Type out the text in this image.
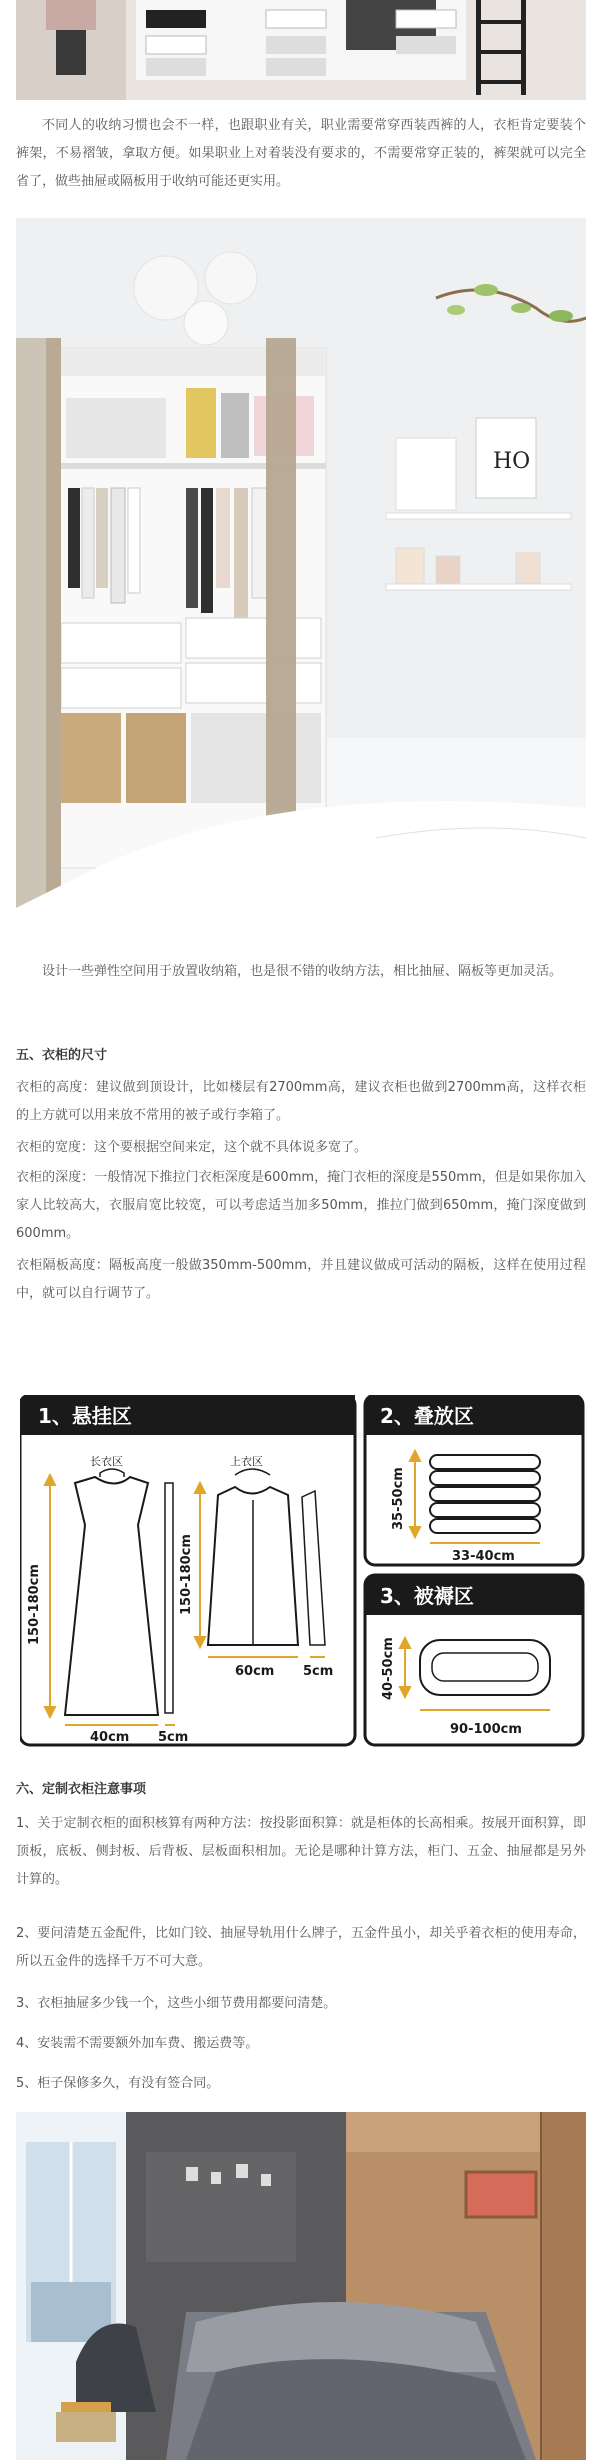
不同人的收纳习惯也会不一样，也跟职业有关，职业需要常穿西装西裤的人，衣柜肯定要装个裤架，不易褶皱，拿取方便。如果职业上对着装没有要求的，不需要常穿正装的，裤架就可以完全省了，做些抽屉或隔板用于收纳可能还更实用。

HO

设计一些弹性空间用于放置收纳箱，也是很不错的收纳方法，相比抽屉、隔板等更加灵活。

五、衣柜的尺寸

衣柜的高度：建议做到顶设计，比如楼层有2700mm高，建议衣柜也做到2700mm高，这样衣柜的上方就可以用来放不常用的被子或行李箱了。

衣柜的宽度：这个要根据空间来定，这个就不具体说多宽了。

衣柜的深度：一般情况下推拉门衣柜深度是600mm，掩门衣柜的深度是550mm，但是如果你加入家人比较高大，衣服肩宽比较宽，可以考虑适当加多50mm，推拉门做到650mm，掩门深度做到600mm。

衣柜隔板高度：隔板高度一般做350mm-500mm，并且建议做成可活动的隔板，这样在使用过程中，就可以自行调节了。

1、悬挂区
长衣区	上衣区
150-180cm	150-180cm
40cm 5cm
60cm 5cm
2、叠放区
35-50cm
33-40cm
3、被褥区
40-50cm
90-100cm
六、定制衣柜注意事项

1、关于定制衣柜的面积核算有两种方法：按投影面积算：就是柜体的长高相乘。按展开面积算，即顶板，底板、侧封板、后背板、层板面积相加。无论是哪种计算方法，柜门、五金、抽屉都是另外计算的。

2、要问清楚五金配件，比如门铰、抽屉导轨用什么牌子，五金件虽小，却关乎着衣柜的使用寿命，所以五金件的选择千万不可大意。

3、衣柜抽屉多少钱一个，这些小细节费用都要问清楚。

4、安装需不需要额外加车费、搬运费等。

5、柜子保修多久，有没有签合同。
